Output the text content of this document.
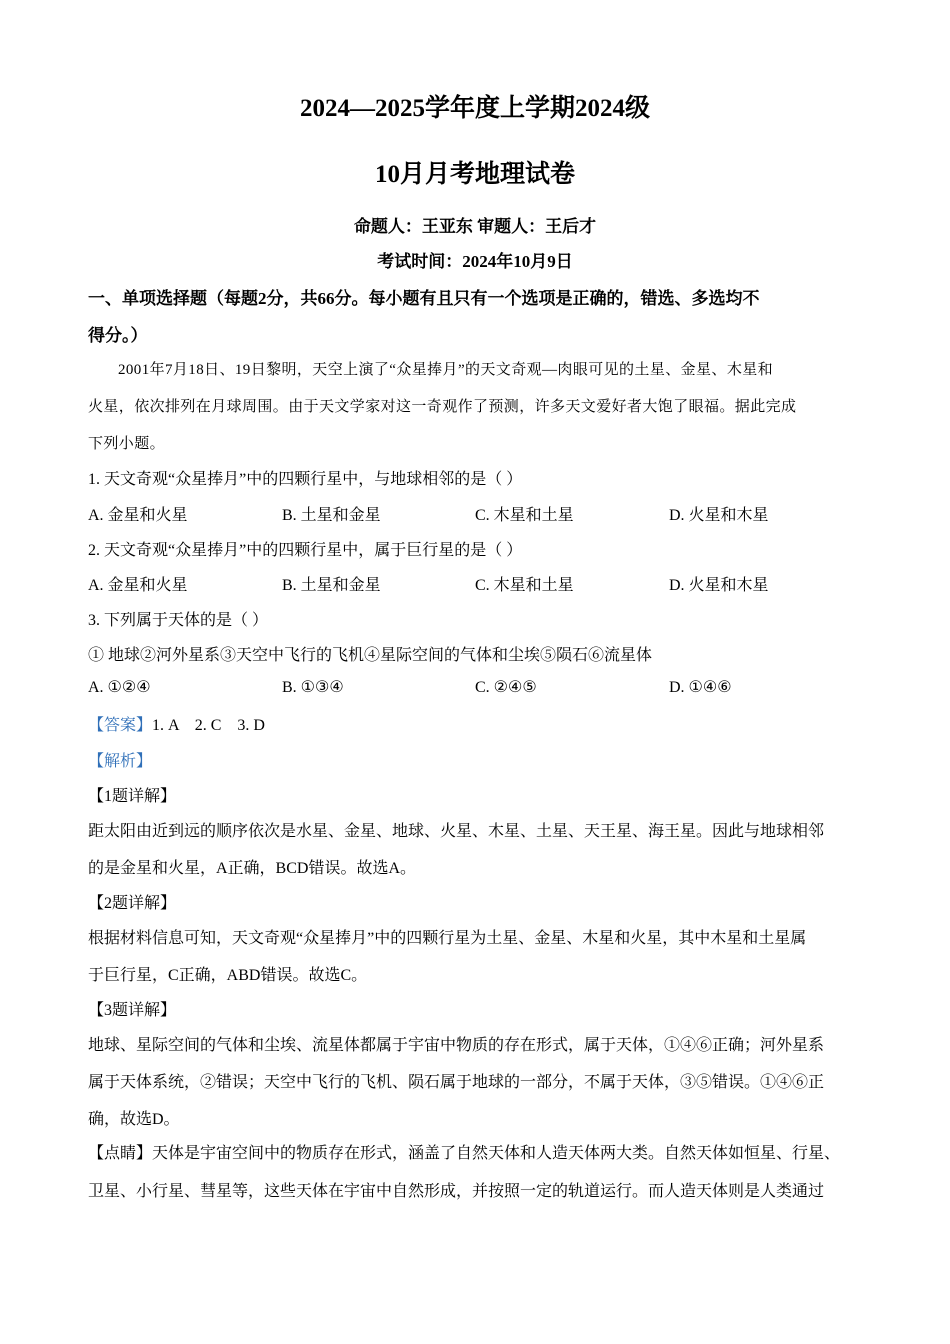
2024—2025学年度上学期2024级
10月月考地理试卷
命题人：王亚东 审题人：王后才
考试时间：2024年10月9日
一、单项选择题（每题2分，共66分。每小题有且只有一个选项是正确的，错选、多选均不
得分。）
2001年7月18日、19日黎明，天空上演了“众星捧月”的天文奇观—肉眼可见的土星、金星、木星和
火星，依次排列在月球周围。由于天文学家对这一奇观作了预测，许多天文爱好者大饱了眼福。据此完成
下列小题。
1. 天文奇观“众星捧月”中的四颗行星中，与地球相邻的是（ ）
A. 金星和火星	B. 土星和金星	C. 木星和土星	D. 火星和木星
2. 天文奇观“众星捧月”中的四颗行星中，属于巨行星的是（ ）
A. 金星和火星	B. 土星和金星	C. 木星和土星	D. 火星和木星
3. 下列属于天体的是（ ）
① 地球②河外星系③天空中飞行的飞机④星际空间的气体和尘埃⑤陨石⑥流星体
A. ①②④	B. ①③④	C. ②④⑤	D. ①④⑥
【答案】1. A    2. C    3. D
【解析】
【1题详解】
距太阳由近到远的顺序依次是水星、金星、地球、火星、木星、土星、天王星、海王星。因此与地球相邻
的是金星和火星，A正确，BCD错误。故选A。
【2题详解】
根据材料信息可知，天文奇观“众星捧月”中的四颗行星为土星、金星、木星和火星，其中木星和土星属
于巨行星，C正确，ABD错误。故选C。
【3题详解】
地球、星际空间的气体和尘埃、流星体都属于宇宙中物质的存在形式，属于天体，①④⑥正确；河外星系
属于天体系统，②错误；天空中飞行的飞机、陨石属于地球的一部分，不属于天体，③⑤错误。①④⑥正
确，故选D。
【点睛】天体是宇宙空间中的物质存在形式，涵盖了自然天体和人造天体两大类。自然天体如恒星、行星、
卫星、小行星、彗星等，这些天体在宇宙中自然形成，并按照一定的轨道运行。而人造天体则是人类通过
